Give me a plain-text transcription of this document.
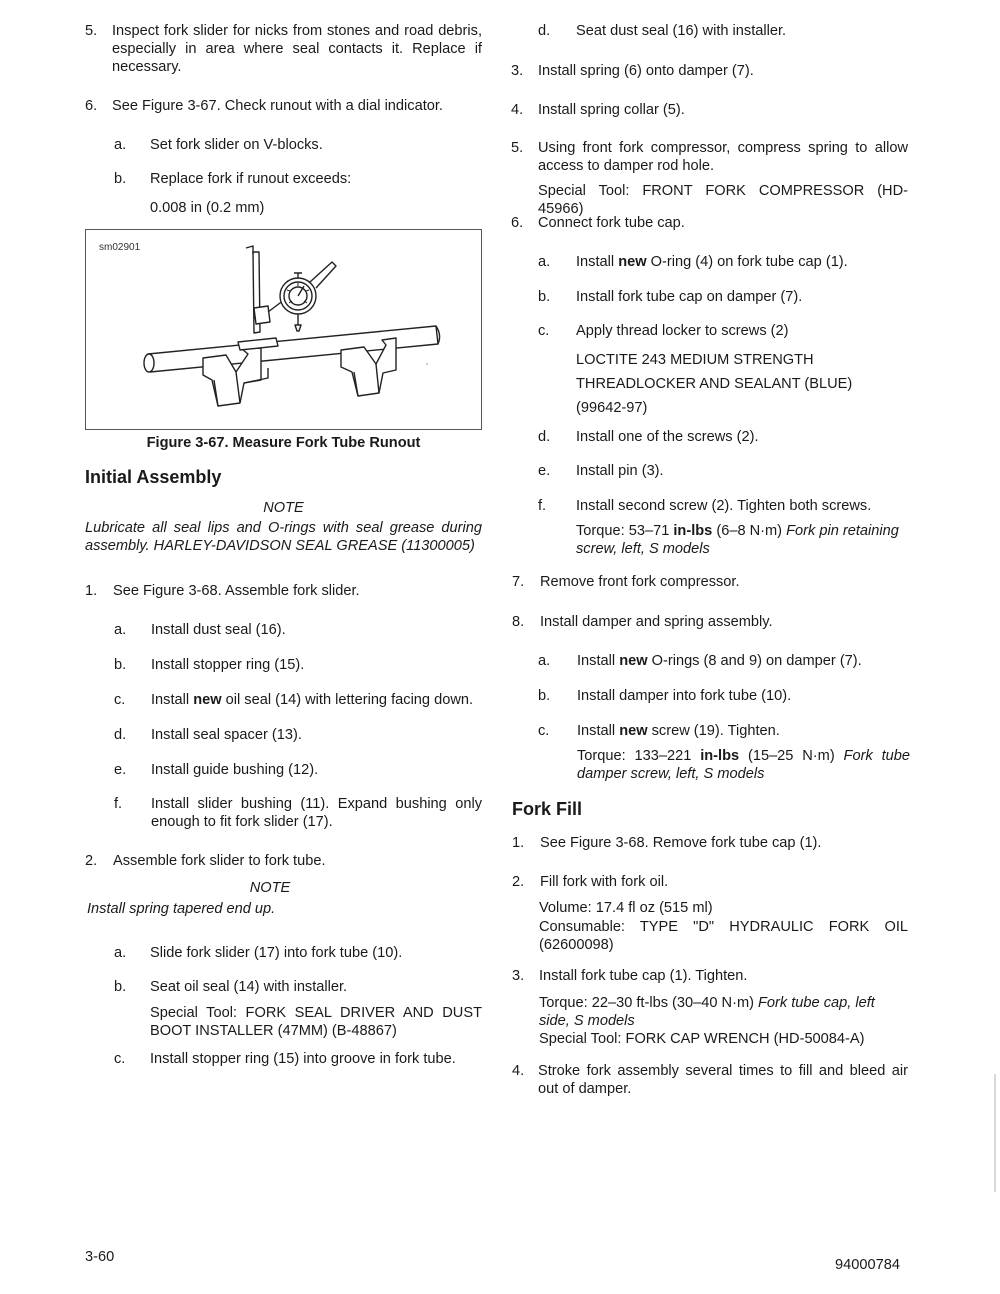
5. Inspect fork slider for nicks from stones and road debris, especially in area where seal contacts it. Replace if necessary.
6. See Figure 3-67. Check runout with a dial indicator.
a. Set fork slider on V-blocks.
b. Replace fork if runout exceeds:
0.008 in (0.2 mm)
sm02901
Figure 3-67. Measure Fork Tube Runout
Initial Assembly
NOTE
Lubricate all seal lips and O-rings with seal grease during assembly. HARLEY-DAVIDSON SEAL GREASE (11300005)
1. See Figure 3-68. Assemble fork slider.
a. Install dust seal (16).
b. Install stopper ring (15).
c. Install new oil seal (14) with lettering facing down.
d. Install seal spacer (13).
e. Install guide bushing (12).
f. Install slider bushing (11). Expand bushing only enough to fit fork slider (17).
2. Assemble fork slider to fork tube.
NOTE
Install spring tapered end up.
a. Slide fork slider (17) into fork tube (10).
b. Seat oil seal (14) with installer.
Special Tool: FORK SEAL DRIVER AND DUST BOOT INSTALLER (47MM) (B-48867)
c. Install stopper ring (15) into groove in fork tube.
d. Seat dust seal (16) with installer.
3. Install spring (6) onto damper (7).
4. Install spring collar (5).
5. Using front fork compressor, compress spring to allow access to damper rod hole.
Special Tool: FRONT FORK COMPRESSOR (HD-45966)
6. Connect fork tube cap.
a. Install new O-ring (4) on fork tube cap (1).
b. Install fork tube cap on damper (7).
c. Apply thread locker to screws (2)
d. Install one of the screws (2).
e. Install pin (3).
f. Install second screw (2). Tighten both screws.
LOCTITE 243 MEDIUM STRENGTH
THREADLOCKER AND SEALANT (BLUE)
(99642-97)
Torque: 53–71 in-lbs (6–8 N·m) Fork pin retaining screw, left, S models
7. Remove front fork compressor.
8. Install damper and spring assembly.
a. Install new O-rings (8 and 9) on damper (7).
b. Install damper into fork tube (10).
c. Install new screw (19). Tighten.
Torque: 133–221 in-lbs (15–25 N·m) Fork tube damper screw, left, S models
Fork Fill
1. See Figure 3-68. Remove fork tube cap (1).
2. Fill fork with fork oil.
Volume: 17.4 fl oz (515 ml)
Consumable: TYPE "D" HYDRAULIC FORK OIL (62600098)
3. Install fork tube cap (1). Tighten.
Torque: 22–30 ft-lbs (30–40 N·m) Fork tube cap, left side, S models
Special Tool: FORK CAP WRENCH (HD-50084-A)
4. Stroke fork assembly several times to fill and bleed air out of damper.
3-60	94000784
